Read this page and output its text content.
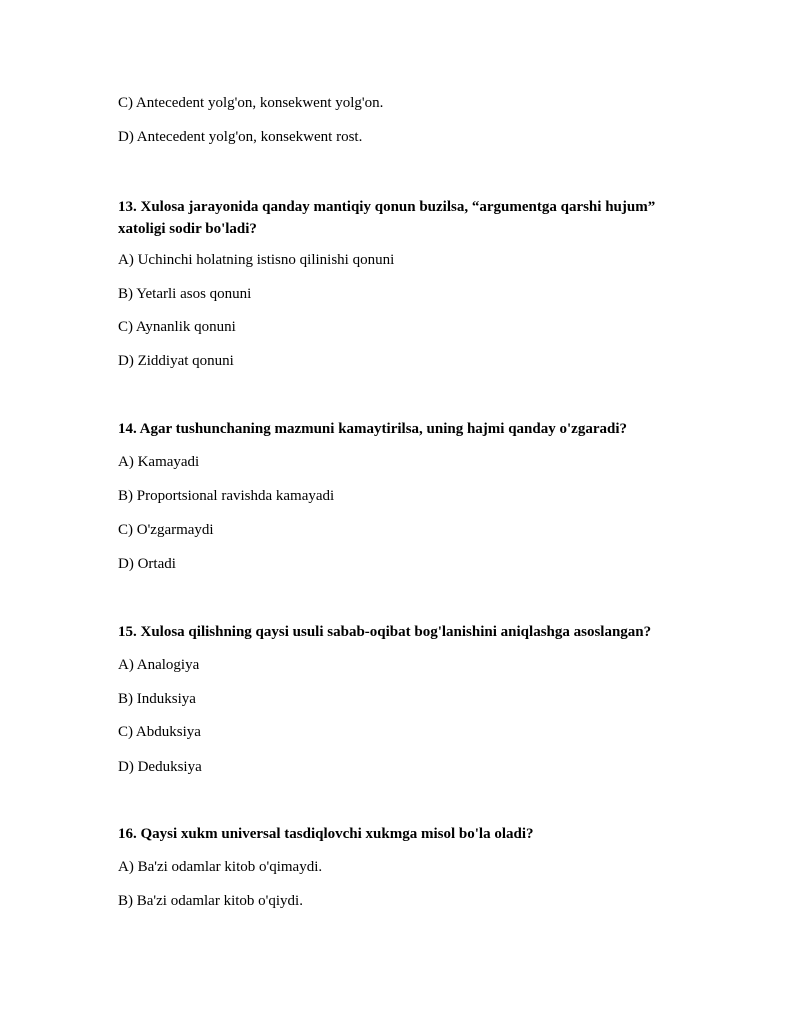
C) Antecedent yolg'on, konsekwent yolg'on.
D) Antecedent yolg'on, konsekwent rost.
13. Xulosa jarayonida qanday mantiqiy qonun buzilsa, “argumentga qarshi hujum” xatoligi sodir bo'ladi?
A) Uchinchi holatning istisno qilinishi qonuni
B) Yetarli asos qonuni
C) Aynanlik qonuni
D) Ziddiyat qonuni
14. Agar tushunchaning mazmuni kamaytirilsa, uning hajmi qanday o'zgaradi?
A) Kamayadi
B) Proportsional ravishda kamayadi
C) O'zgarmaydi
D) Ortadi
15. Xulosa qilishning qaysi usuli sabab-oqibat bog'lanishini aniqlashga asoslangan?
A) Analogiya
B) Induksiya
C) Abduksiya
D) Deduksiya
16. Qaysi xukm universal tasdiqlovchi xukmga misol bo'la oladi?
A) Ba'zi odamlar kitob o'qimaydi.
B) Ba'zi odamlar kitob o'qiydi.
